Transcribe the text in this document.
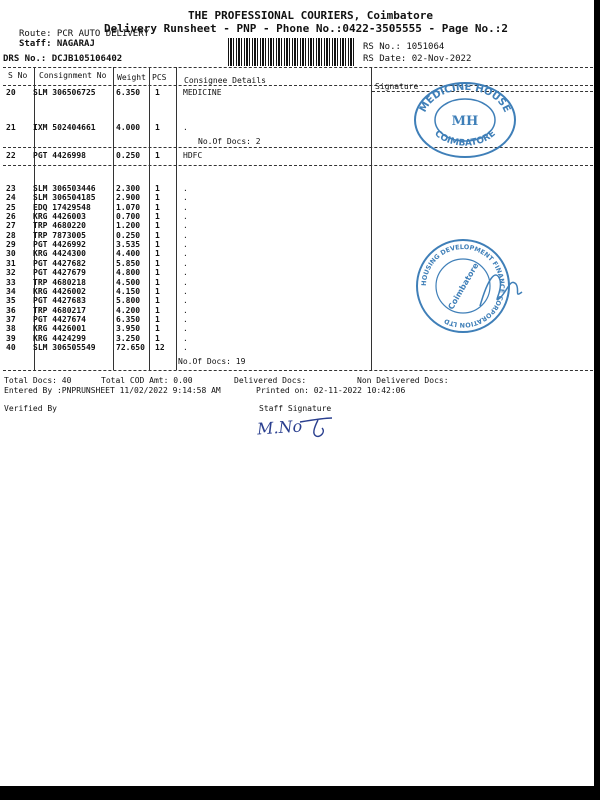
THE PROFESSIONAL COURIERS, Coimbatore
Delivery Runsheet - PNP - Phone No.:0422-3505555 - Page No.:2
Route: PCR AUTO DELIVERY
Staff: NAGARAJ
DRS No.: DCJB105106402
RS No.: 1051064
RS Date: 02-Nov-2022
S No Consignment No Weight PCS Consignee Details
Signature
20 SLM 306506725	6.350 1	MEDICINE
21 IXM 502404661	4.000 1	.
22 PGT 4426998	0.250 1	HDFC
23 SLM 306503446	2.300 1	.
24 SLM 306504185	2.900 1	.
25 EDQ 17429548	1.070 1	.
26 KRG 4426003	0.700 1	.
27 TRP 4680220	1.200 1	.
28 TRP 7873005	0.250 1	.
29 PGT 4426992	3.535 1	.
30 KRG 4424300	4.400 1	.
31 PGT 4427682	5.850 1	.
32 PGT 4427679	4.800 1	.
33 TRP 4680218	4.500 1	.
34 KRG 4426002	4.150 1	.
35 PGT 4427683	5.800 1	.
36 TRP 4680217	4.200 1	.
37 PGT 4427674	6.350 1	.
38 KRG 4426001	3.950 1	.
39 KRG 4424299	3.250 1	.
40 SLM 306505549	72.650 12 .
No.Of Docs: 2
No.Of Docs: 19
MEDICINE HOUSE
COIMBATORE
MH
HOUSING DEVELOPMENT FINANCE CORPORATION LTD
Coimbatore
Total Docs: 40	Total COD Amt: 0.00	Delivered Docs:	Non Delivered Docs:
Entered By :PNPRUNSHEET 11/02/2022 9:14:58 AM	Printed on: 02-11-2022 10:42:06
Verified By	Staff Signature
M.No
